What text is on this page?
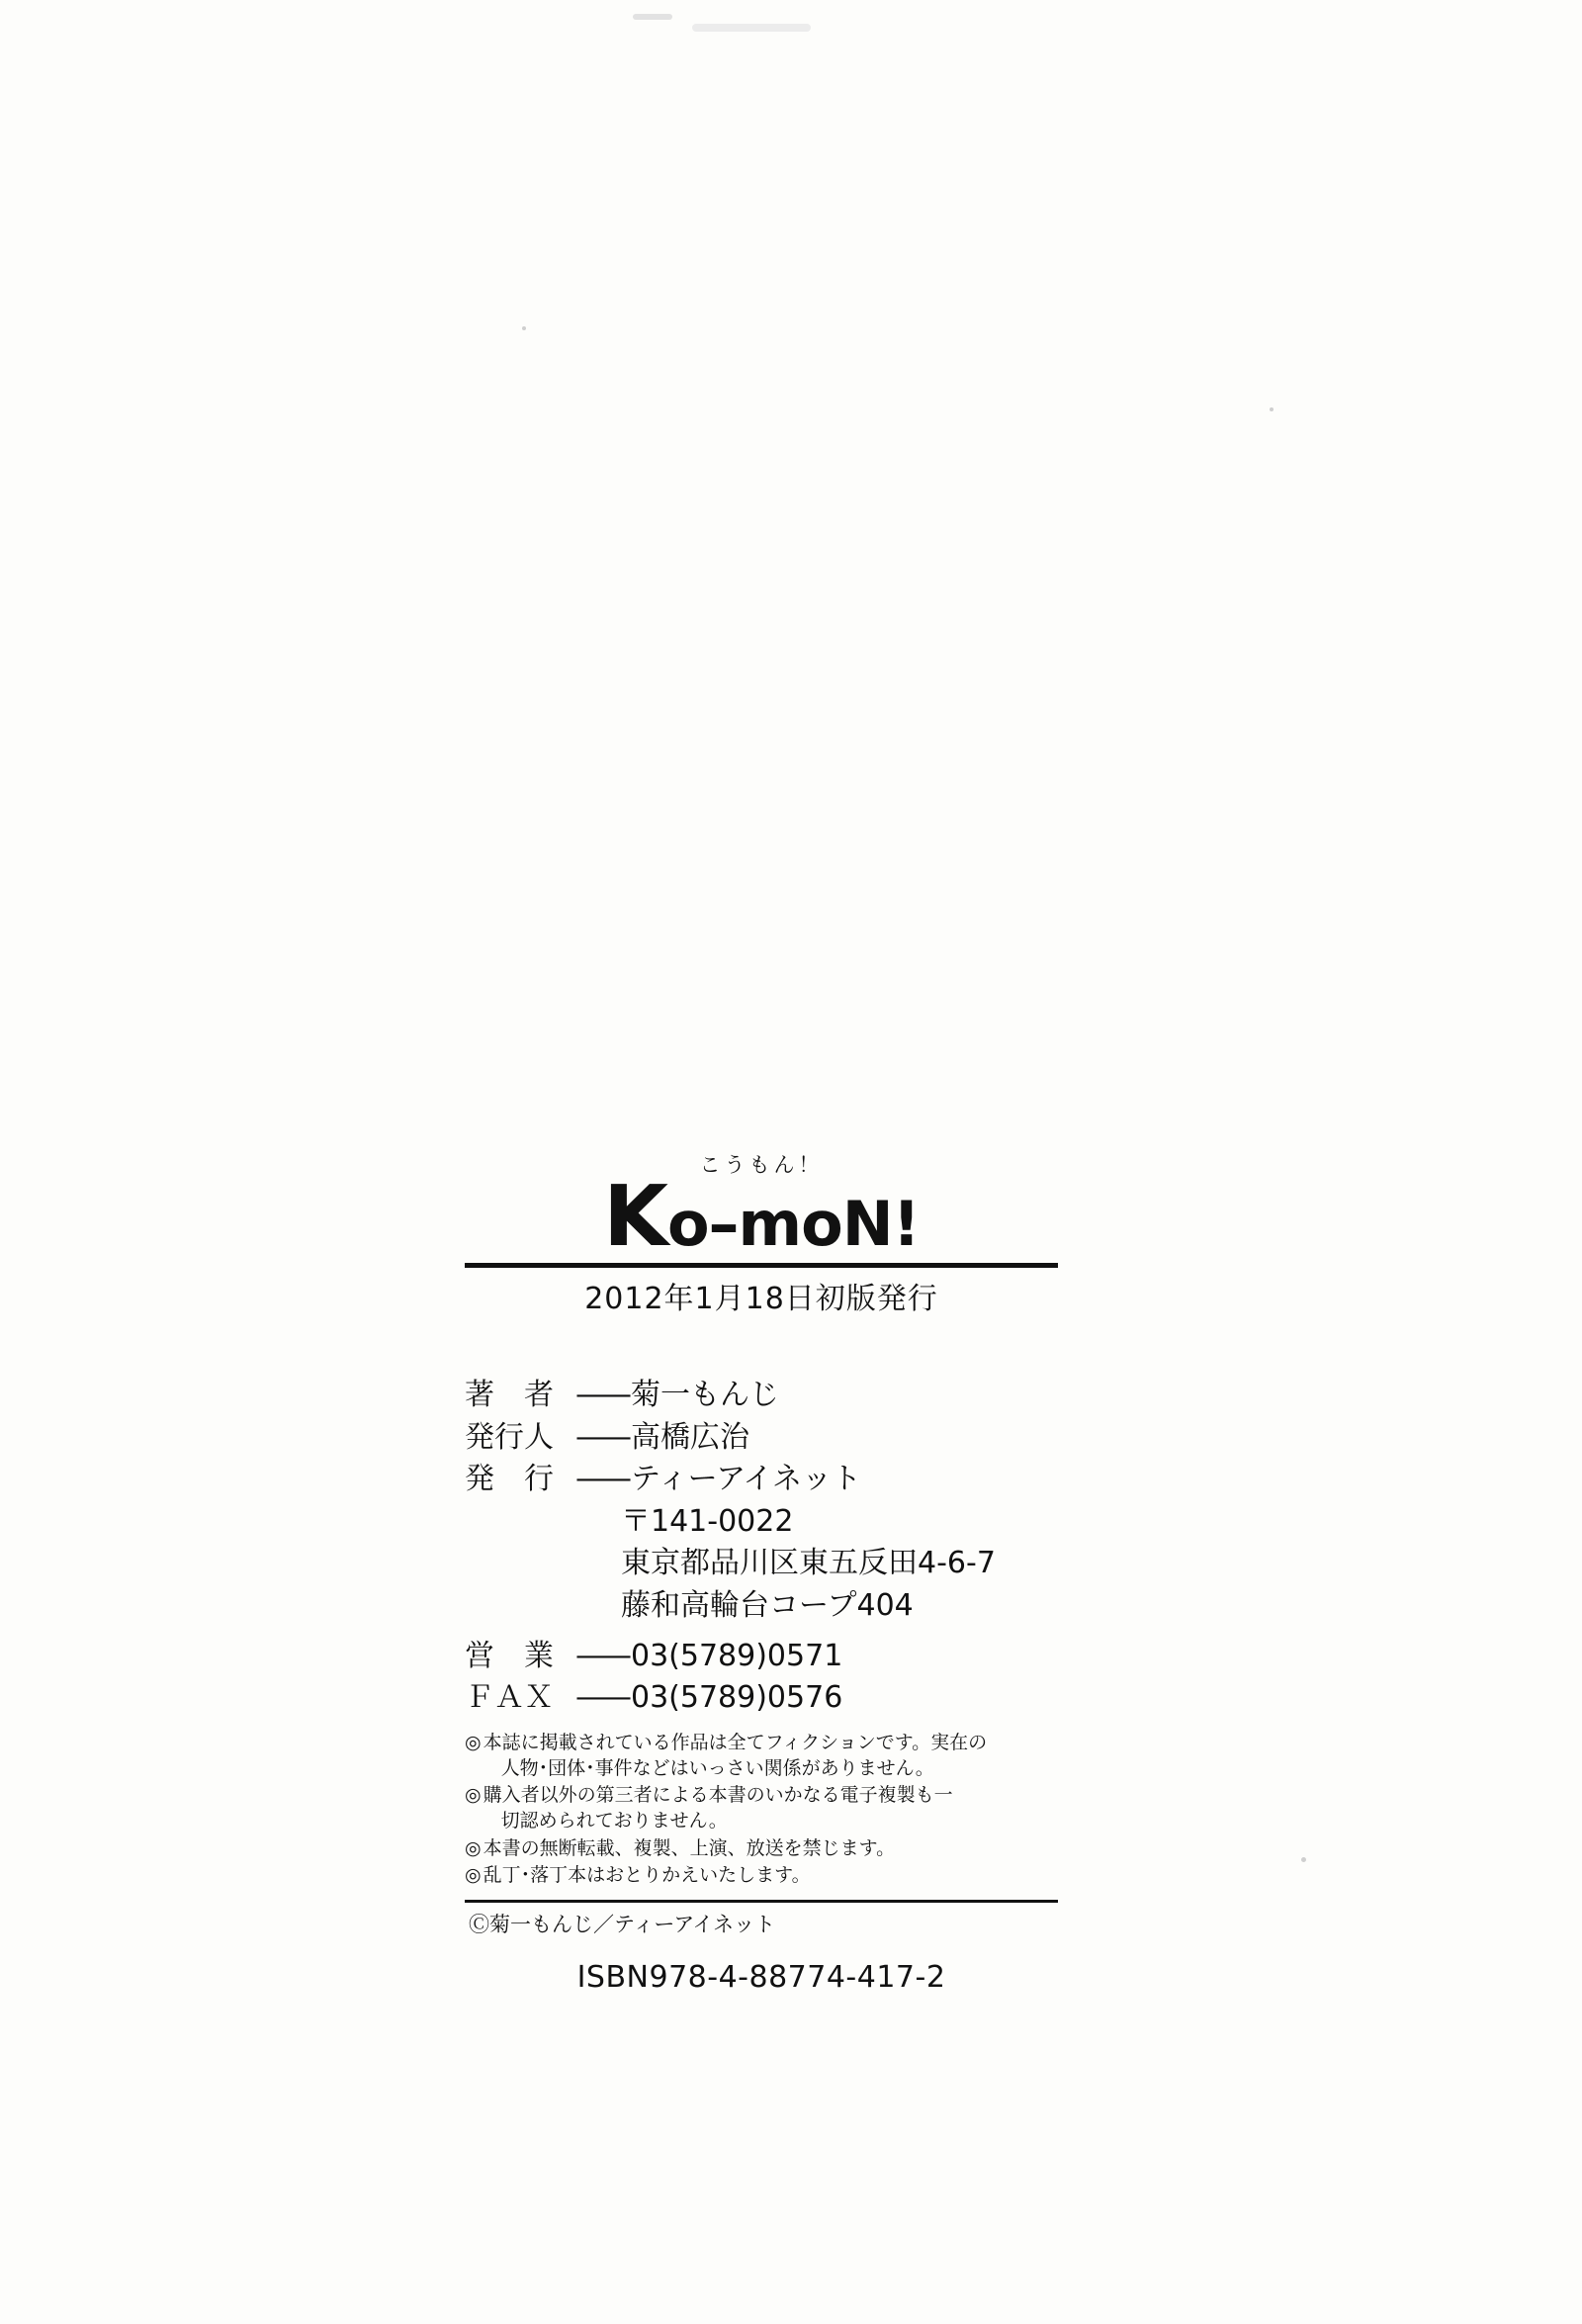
こうもん！
Ko–moN!
2012年1月18日初版発行
著　者 —— 菊一もんじ
発行人 —— 高橋広治
発　行 —— ティーアイネット
〒141-0022
東京都品川区東五反田4-6-7
藤和高輪台コープ404
営　業 —— 03(5789)0571
ＦＡＸ —— 03(5789)0576
◎ 本誌に掲載されている作品は全てフィクションです。実在の
人物･団体･事件などはいっさい関係がありません。
◎ 購入者以外の第三者による本書のいかなる電子複製も一
切認められておりません。
◎ 本書の無断転載、複製、上演、放送を禁じます。
◎ 乱丁･落丁本はおとりかえいたします。
Ⓒ菊一もんじ／ティーアイネット
ISBN978-4-88774-417-2
